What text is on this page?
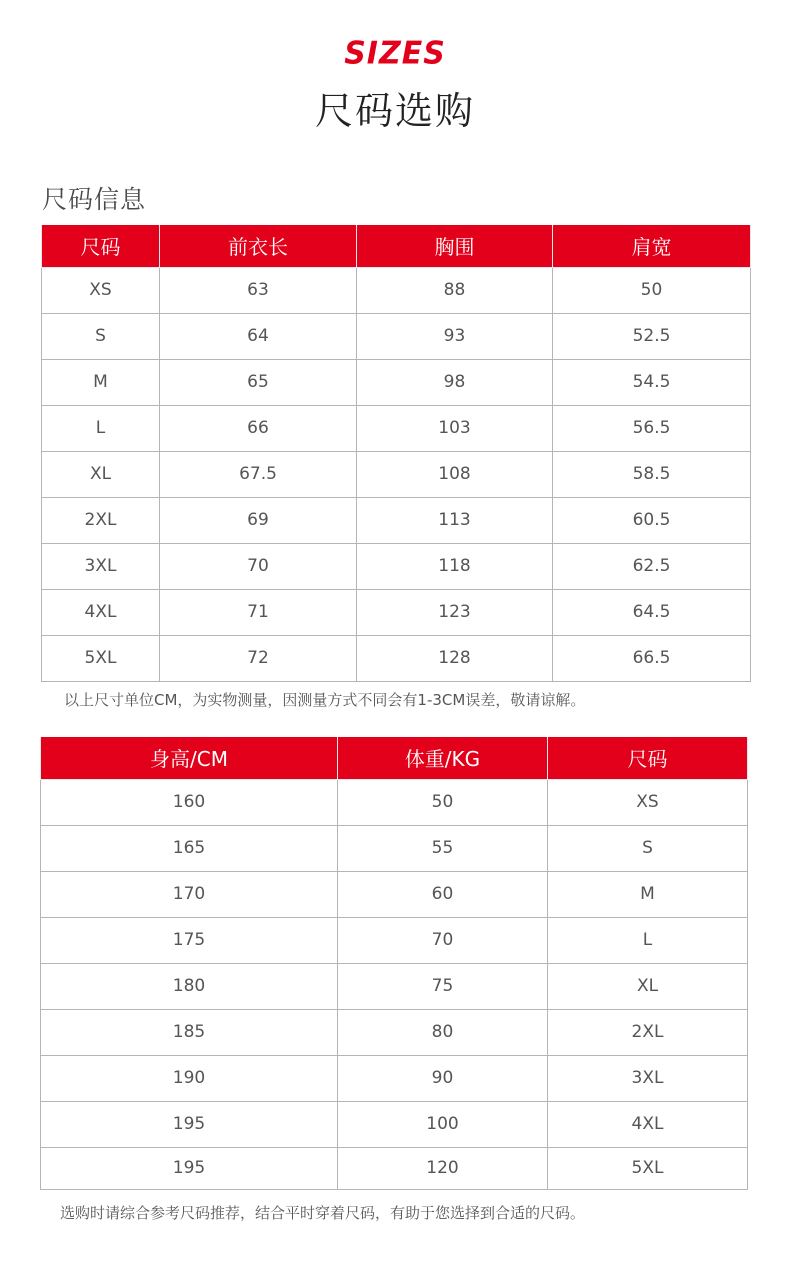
SIZES
尺码选购
尺码信息
尺码	前衣长	胸围	肩宽
XS	63	88	50
S	64	93	52.5
M	65	98	54.5
L	66	103	56.5
XL	67.5	108	58.5
2XL	69	113	60.5
3XL	70	118	62.5
4XL	71	123	64.5
5XL	72	128	66.5
以上尺寸单位CM，为实物测量，因测量方式不同会有1-3CM误差，敬请谅解。
身高/CM	体重/KG	尺码
160	50	XS
165	55	S
170	60	M
175	70	L
180	75	XL
185	80	2XL
190	90	3XL
195	100	4XL
195	120	5XL
选购时请综合参考尺码推荐，结合平时穿着尺码，有助于您选择到合适的尺码。
